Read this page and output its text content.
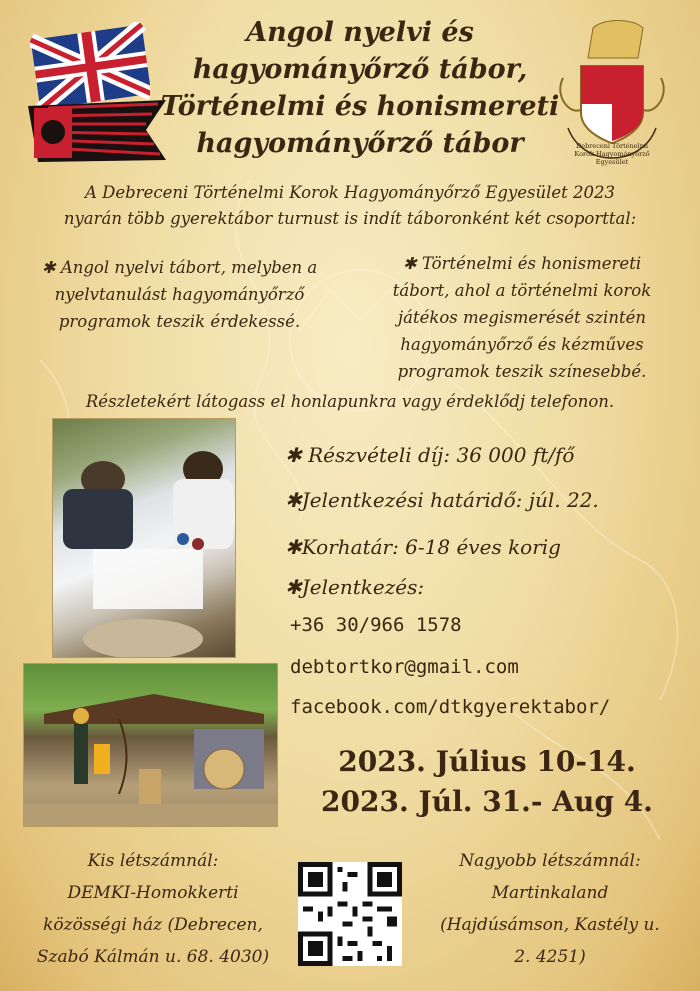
Angol nyelvi és
hagyományőrző tábor,
Történelmi és honismereti
hagyományőrző tábor	Debreceni Történelmi Korok Hagyományőrző Egyesület
A Debreceni Történelmi Korok Hagyományőrző Egyesület 2023
nyarán több gyerektábor turnust is indít táboronként két csoporttal:
✱ Angol nyelvi tábort, melyben a
nyelvtanulást hagyományőrző
programok teszik érdekessé.
✱ Történelmi és honismereti
tábort, ahol a történelmi korok
játékos megismerését szintén
hagyományőrző és kézműves
programok teszik színesebbé.
Részletekért látogass el honlapunkra vagy érdeklődj telefonon.
✱ Részvételi díj: 36 000 ft/fő
✱Jelentkezési határidő: júl. 22.
✱Korhatár: 6-18 éves korig
✱Jelentkezés:
+36 30/966 1578
debtortkor@gmail.com
facebook.com/dtkgyerektabor/
2023. Július 10-14.
2023. Júl. 31.- Aug 4.
Kis létszámnál:
DEMKI-Homokkerti
közösségi ház (Debrecen,
Szabó Kálmán u. 68. 4030)
Nagyobb létszámnál:
Martinkaland
(Hajdúsámson, Kastély u.
2. 4251)
